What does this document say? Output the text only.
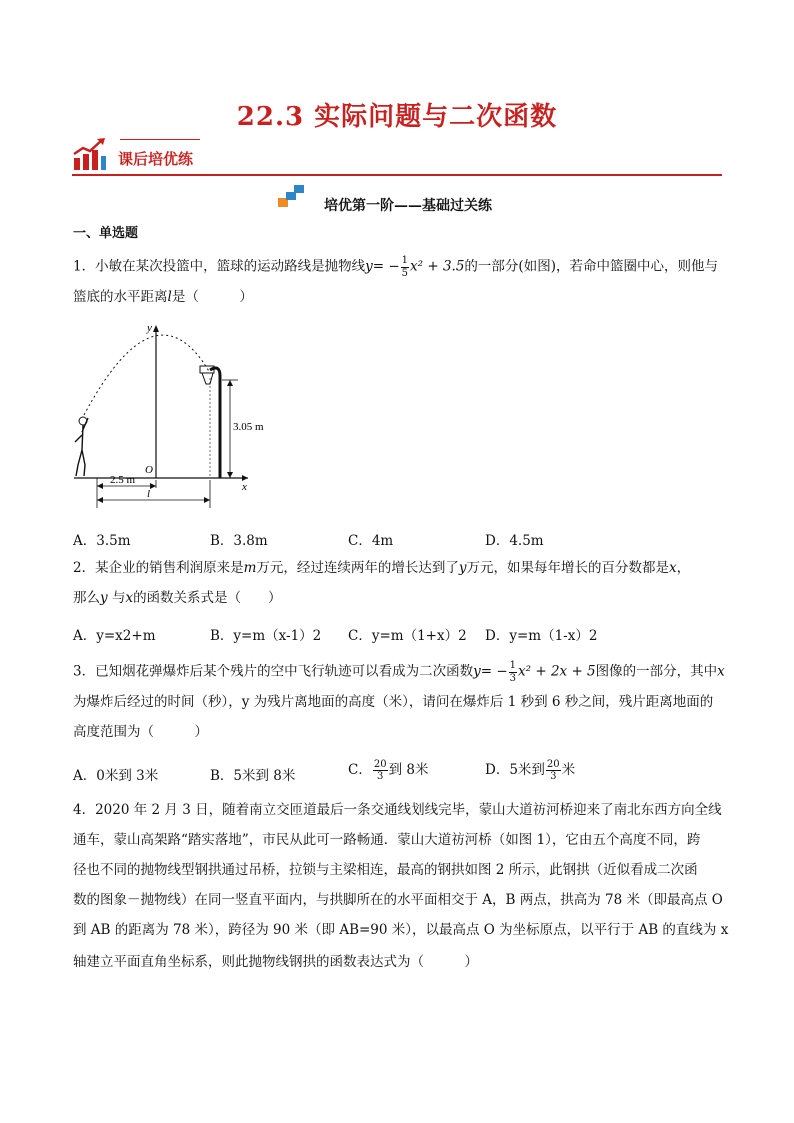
22.3 实际问题与二次函数
课后培优练
培优第一阶——基础过关练
一、单选题
1．小敏在某次投篮中，篮球的运动路线是抛物线$y= - \frac{1}{5} x^2 + 3.5$的一部分(如图)，若命中篮圈中心，则他与
篮底的水平距离l是（　　　）
x
y
O
3.05 m
2.5 m
l
A．3.5m	B．3.8m	C．4m	D．4.5m
2．某企业的销售利润原来是m万元，经过连续两年的增长达到了y万元，如果每年增长的百分数都是x，
那么y 与x的函数关系式是（　　）
A．y=x2+m	B．y=m（x-1）2 C．y=m（1+x）2 D．y=m（1-x）2
3．已知烟花弹爆炸后某个残片的空中飞行轨迹可以看成为二次函数$y= - \frac{1}{3} x^2 + 2x + 5$图像的一部分，其中x
为爆炸后经过的时间（秒），y 为残片离地面的高度（米），请问在爆炸后 1 秒到 6 秒之间，残片距离地面的
高度范围为（　　　）
A．0米到 3米	B．5米到 8米	C． $\frac{20}{3}$ 到 8米	D．5米到 $\frac{20}{3}$ 米
4．2020 年 2 月 3 日，随着南立交匝道最后一条交通线划线完毕，蒙山大道祊河桥迎来了南北东西方向全线
通车，蒙山高架路“踏实落地”，市民从此可一路畅通．蒙山大道祊河桥（如图 1），它由五个高度不同，跨
径也不同的抛物线型钢拱通过吊桥，拉锁与主梁相连，最高的钢拱如图 2 所示，此钢拱（近似看成二次函
数的图象－抛物线）在同一竖直平面内，与拱脚所在的水平面相交于 A，B 两点，拱高为 78 米（即最高点 O
到 AB 的距离为 78 米），跨径为 90 米（即 AB=90 米），以最高点 O 为坐标原点，以平行于 AB 的直线为 x
轴建立平面直角坐标系，则此抛物线钢拱的函数表达式为（　　　）
